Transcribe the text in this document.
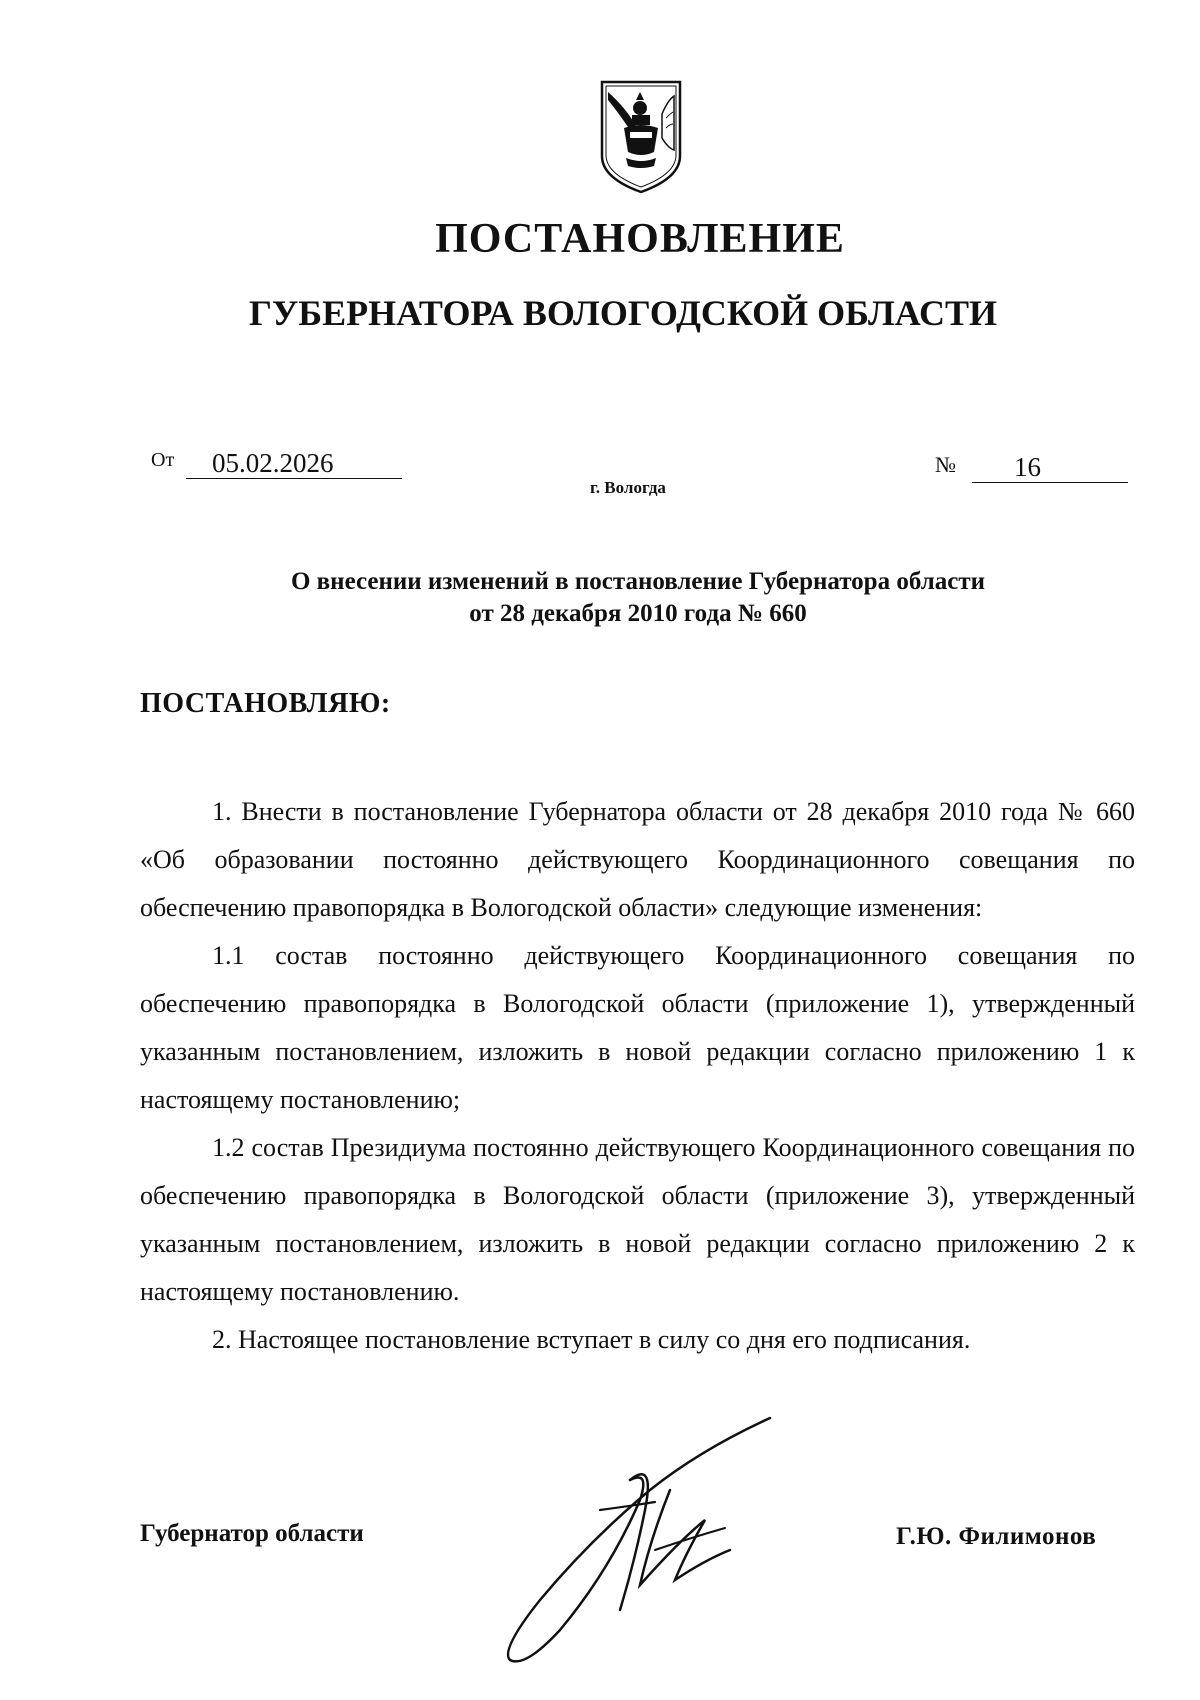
ПОСТАНОВЛЕНИЕ
ГУБЕРНАТОРА ВОЛОГОДСКОЙ ОБЛАСТИ
От	05.02.2026	№	16
г. Вологда
О внесении изменений в постановление Губернатора области
от 28 декабря 2010 года № 660
ПОСТАНОВЛЯЮ:

1. Внести в постановление Губернатора области от 28 декабря 2010 года № 660 «Об образовании постоянно действующего Координационного совещания по обеспечению правопорядка в Вологодской области» следующие изменения:

1.1 состав постоянно действующего Координационного совещания по обеспечению правопорядка в Вологодской области (приложение 1), утвержденный указанным постановлением, изложить в новой редакции согласно приложению 1 к настоящему постановлению;

1.2 состав Президиума постоянно действующего Координационного совещания по обеспечению правопорядка в Вологодской области (приложение 3), утвержденный указанным постановлением, изложить в новой редакции согласно приложению 2 к настоящему постановлению.

2. Настоящее постановление вступает в силу со дня его подписания.

Губернатор области	Г.Ю. Филимонов
